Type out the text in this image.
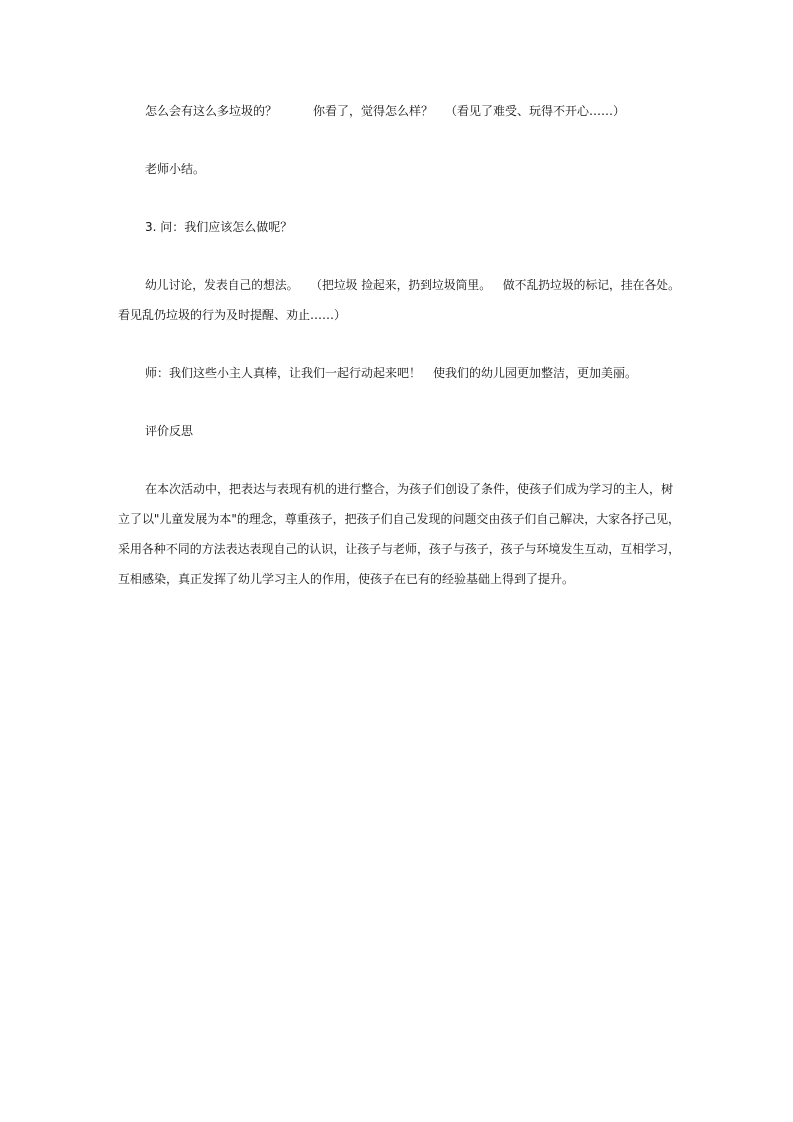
怎么会有这么多垃圾的？	你看了，觉得怎么样？ （看见了难受、玩得不开心……）
老师小结。
3. 问：我们应该怎么做呢？
幼儿讨论，发表自己的想法。 （把垃圾 捡起来，扔到垃圾筒里。 做不乱扔垃圾的标记，挂在各处。
看见乱仍垃圾的行为及时提醒、劝止……）
师：我们这些小主人真棒，让我们一起行动起来吧！ 使我们的幼儿园更加整洁，更加美丽。
评价反思
在本次活动中，把表达与表现有机的进行整合，为孩子们创设了条件，使孩子们成为学习的主人，树
立了以"儿童发展为本"的理念，尊重孩子，把孩子们自己发现的问题交由孩子们自己解决，大家各抒己见，
采用各种不同的方法表达表现自己的认识，让孩子与老师，孩子与孩子，孩子与环境发生互动，互相学习，
互相感染，真正发挥了幼儿学习主人的作用，使孩子在已有的经验基础上得到了提升。
